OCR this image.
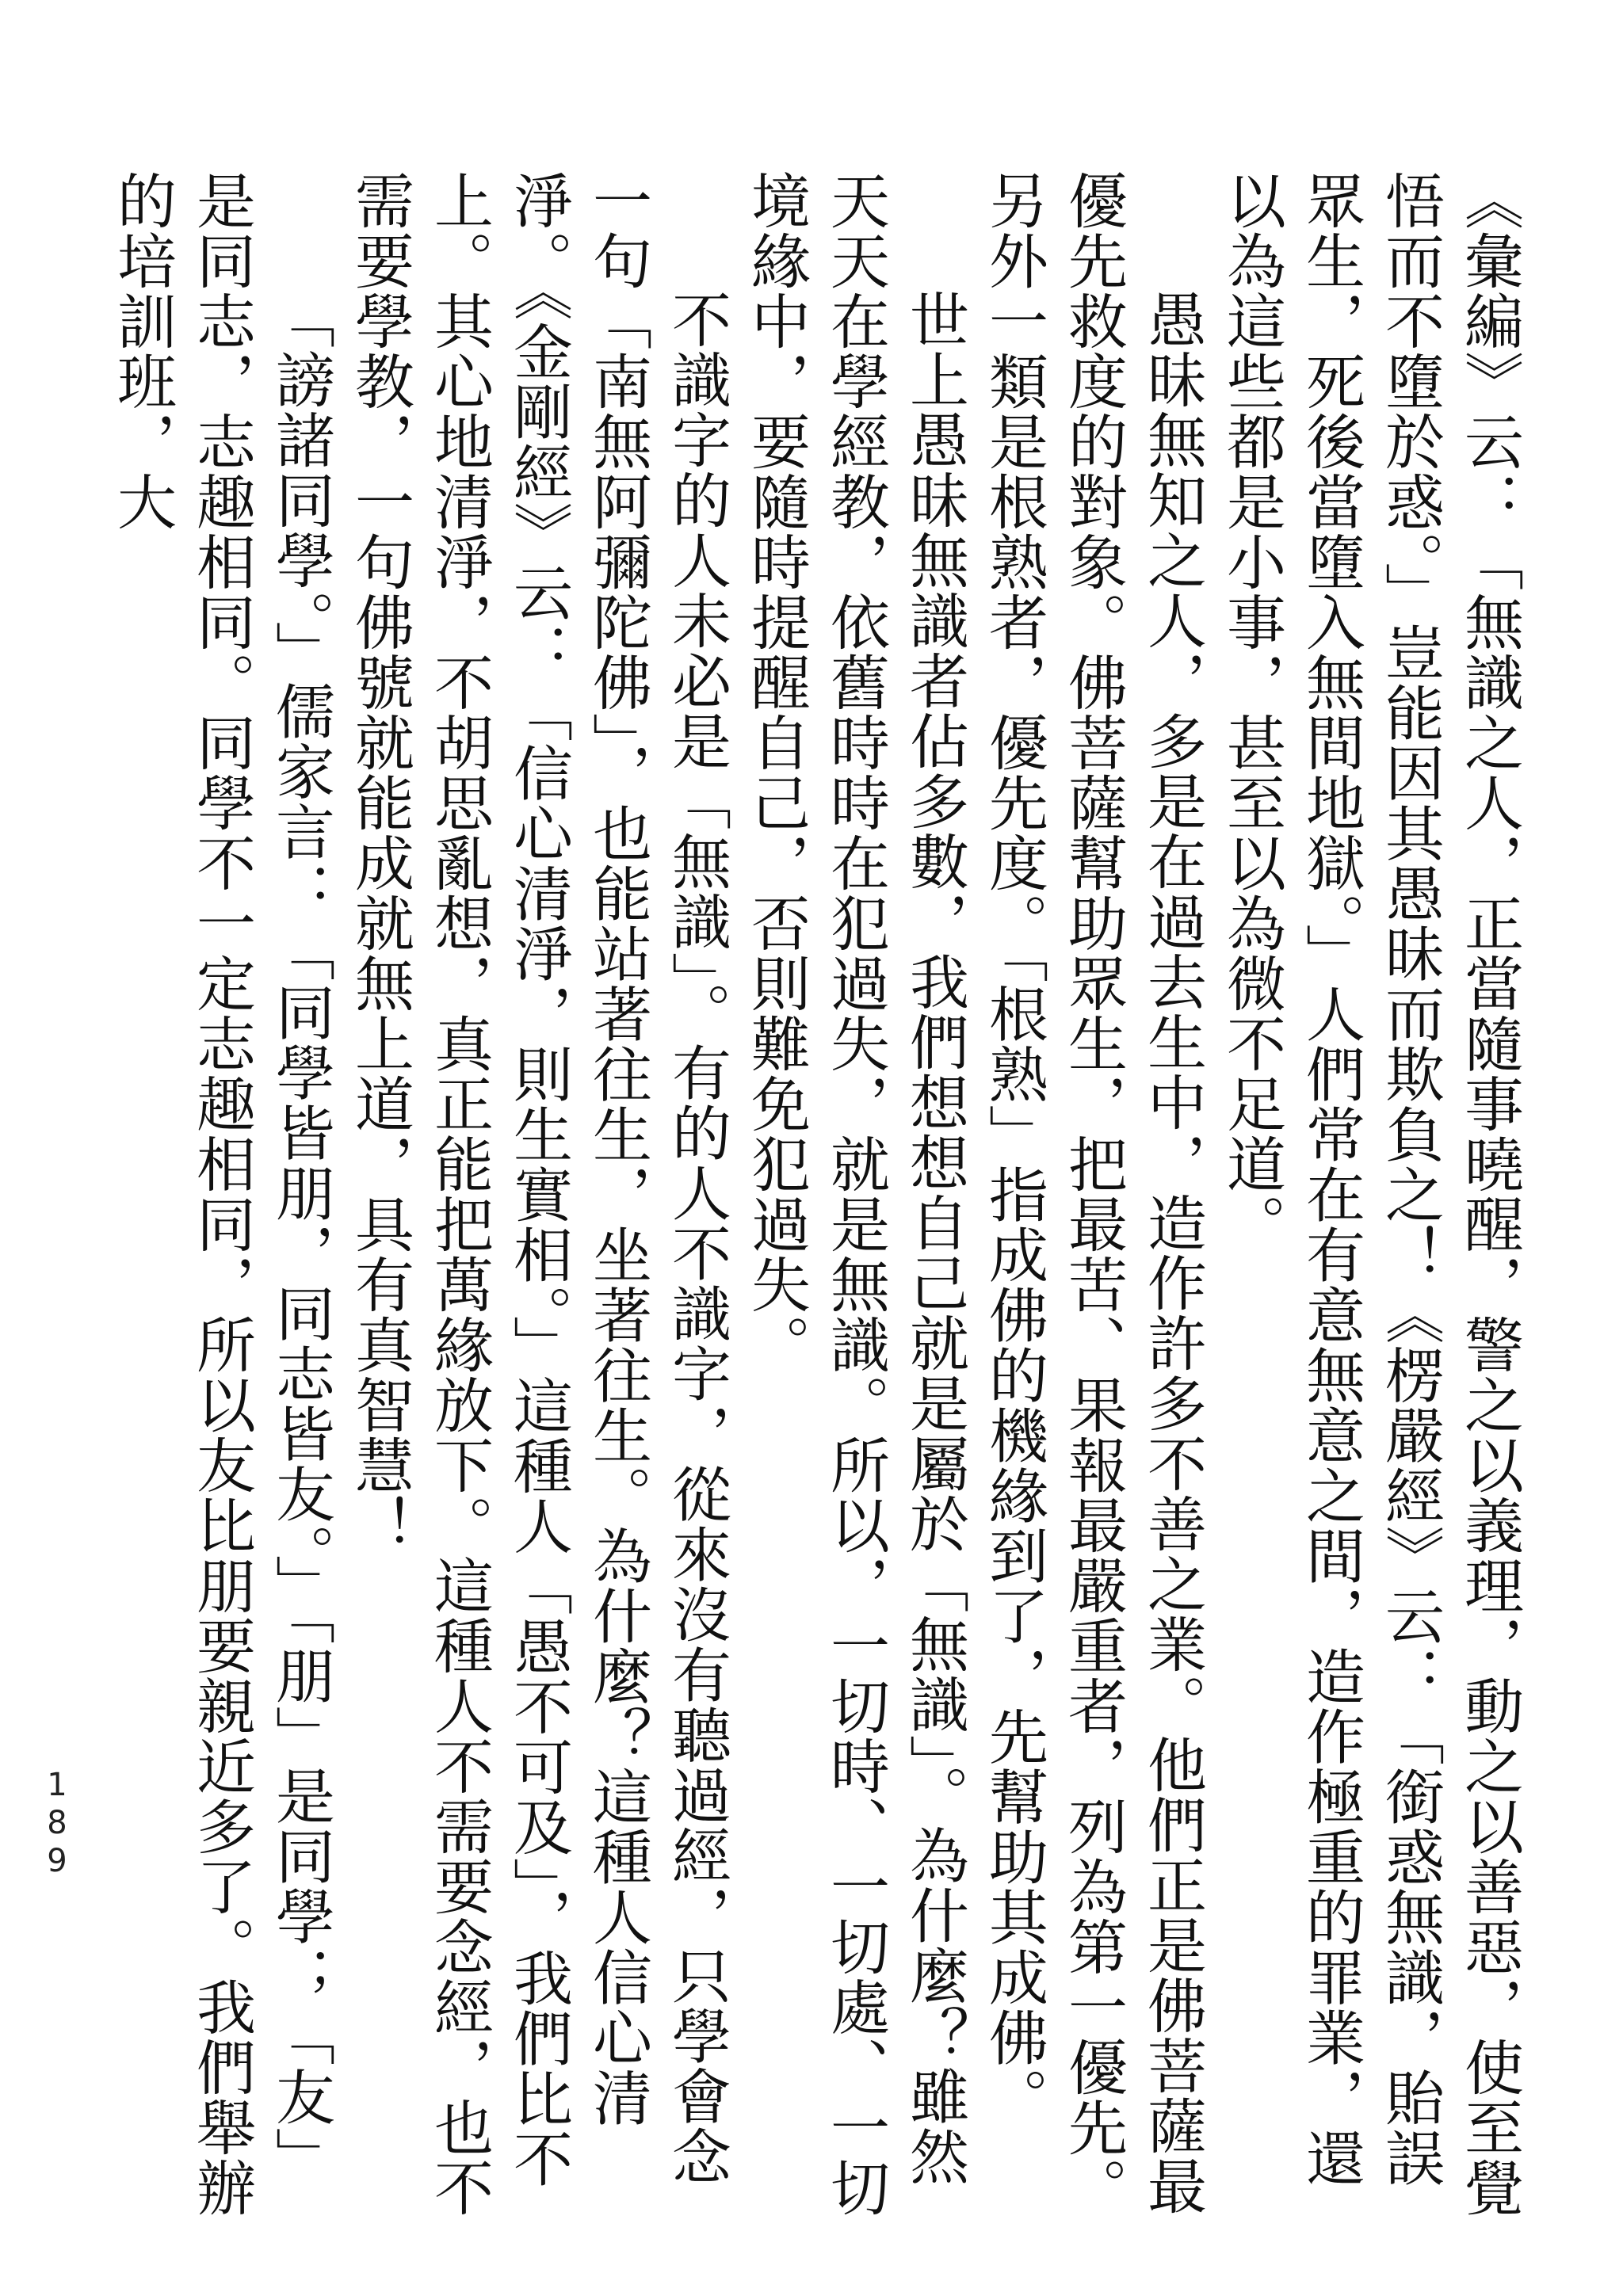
《彙編》云：「無識之人，正當隨事曉醒，警之以義理，動之以善惡，使至覺悟而不墮於惑。」豈能因其愚昧而欺負之！《楞嚴經》云：「銜惑無識，貽誤眾生，死後當墮入無間地獄。」人們常在有意無意之間，造作極重的罪業，還以為這些都是小事，甚至以為微不足道。

愚昧無知之人，多是在過去生中，造作許多不善之業。他們正是佛菩薩最優先救度的對象。佛菩薩幫助眾生，把最苦、果報最嚴重者，列為第一優先。另外一類是根熟者，優先度。「根熟」指成佛的機緣到了，先幫助其成佛。

世上愚昧無識者佔多數，我們想想自己就是屬於「無識」。為什麼？雖然天天在學經教，依舊時時在犯過失，就是無識。所以，一切時、一切處、一切境緣中，要隨時提醒自己，否則難免犯過失。

不識字的人未必是「無識」。有的人不識字，從來沒有聽過經，只學會念一句「南無阿彌陀佛」，也能站著往生，坐著往生。為什麼？這種人信心清淨。《金剛經》云：「信心清淨，則生實相。」這種人「愚不可及」，我們比不上。其心地清淨，不胡思亂想，真正能把萬緣放下。這種人不需要念經，也不需要學教，一句佛號就能成就無上道，具有真智慧！

「謗諸同學。」儒家言：「同學皆朋，同志皆友。」「朋」是同學；「友」是同志，志趣相同。同學不一定志趣相同，所以友比朋要親近多了。我們舉辦的培訓班，大

189
